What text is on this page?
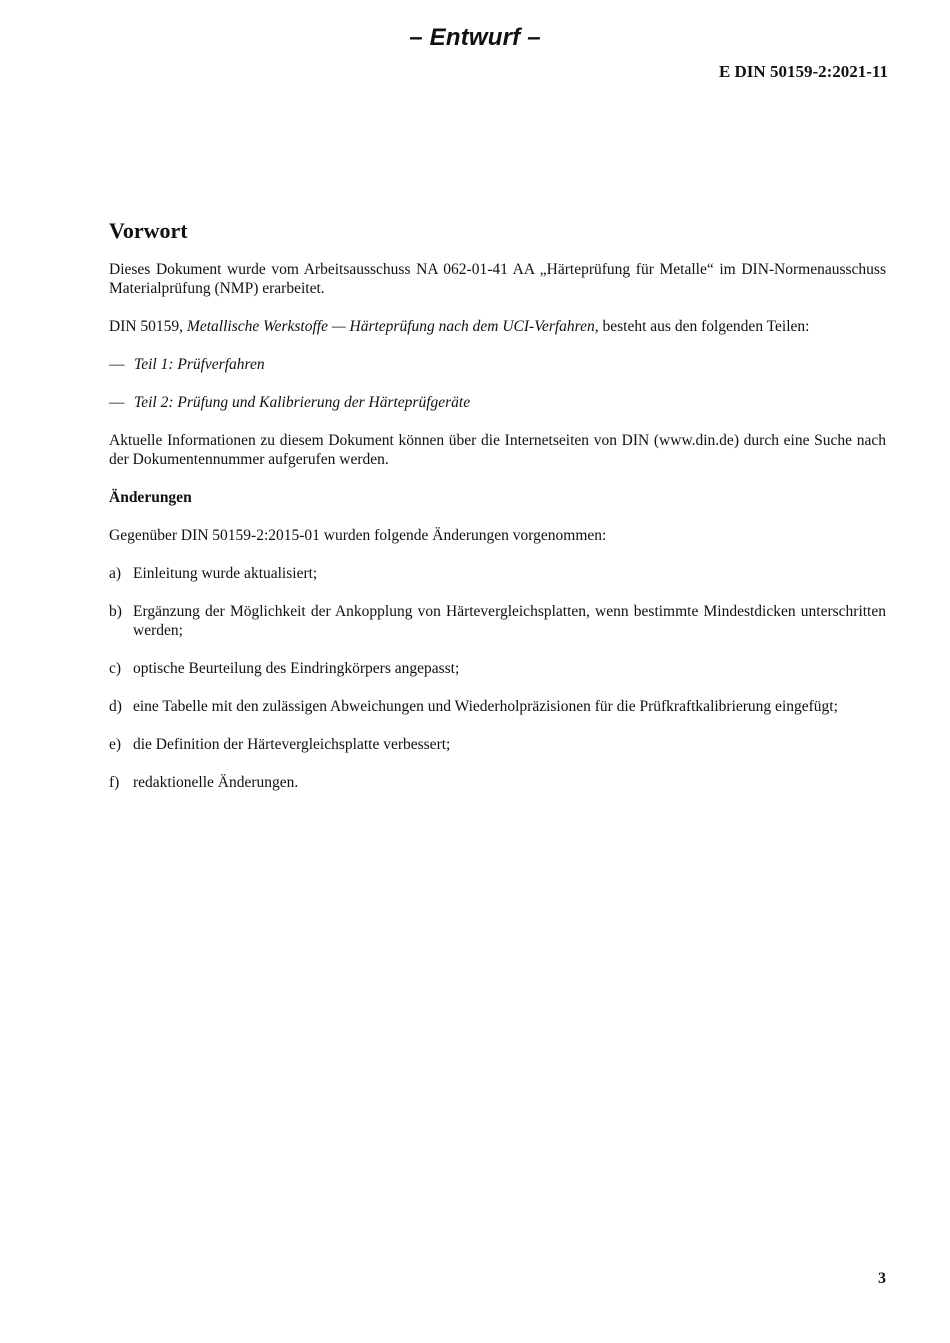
– Entwurf –
E DIN 50159-2:2021-11
Vorwort

Dieses Dokument wurde vom Arbeitsausschuss NA 062-01-41 AA „Härteprüfung für Metalle“ im DIN-Normenausschuss Materialprüfung (NMP) erarbeitet.

DIN 50159, Metallische Werkstoffe — Härteprüfung nach dem UCI-Verfahren, besteht aus den folgenden Teilen:

— Teil 1: Prüfverfahren
— Teil 2: Prüfung und Kalibrierung der Härteprüfgeräte

Aktuelle Informationen zu diesem Dokument können über die Internetseiten von DIN (www.din.de) durch eine Suche nach der Dokumentennummer aufgerufen werden.

Änderungen

Gegenüber DIN 50159-2:2015-01 wurden folgende Änderungen vorgenommen:

a) Einleitung wurde aktualisiert;
b) Ergänzung der Möglichkeit der Ankopplung von Härtevergleichsplatten, wenn bestimmte Mindestdicken unterschritten werden;
c) optische Beurteilung des Eindringkörpers angepasst;
d) eine Tabelle mit den zulässigen Abweichungen und Wiederholpräzisionen für die Prüfkraftkalibrierung eingefügt;
e) die Definition der Härtevergleichsplatte verbessert;
f) redaktionelle Änderungen.
3
